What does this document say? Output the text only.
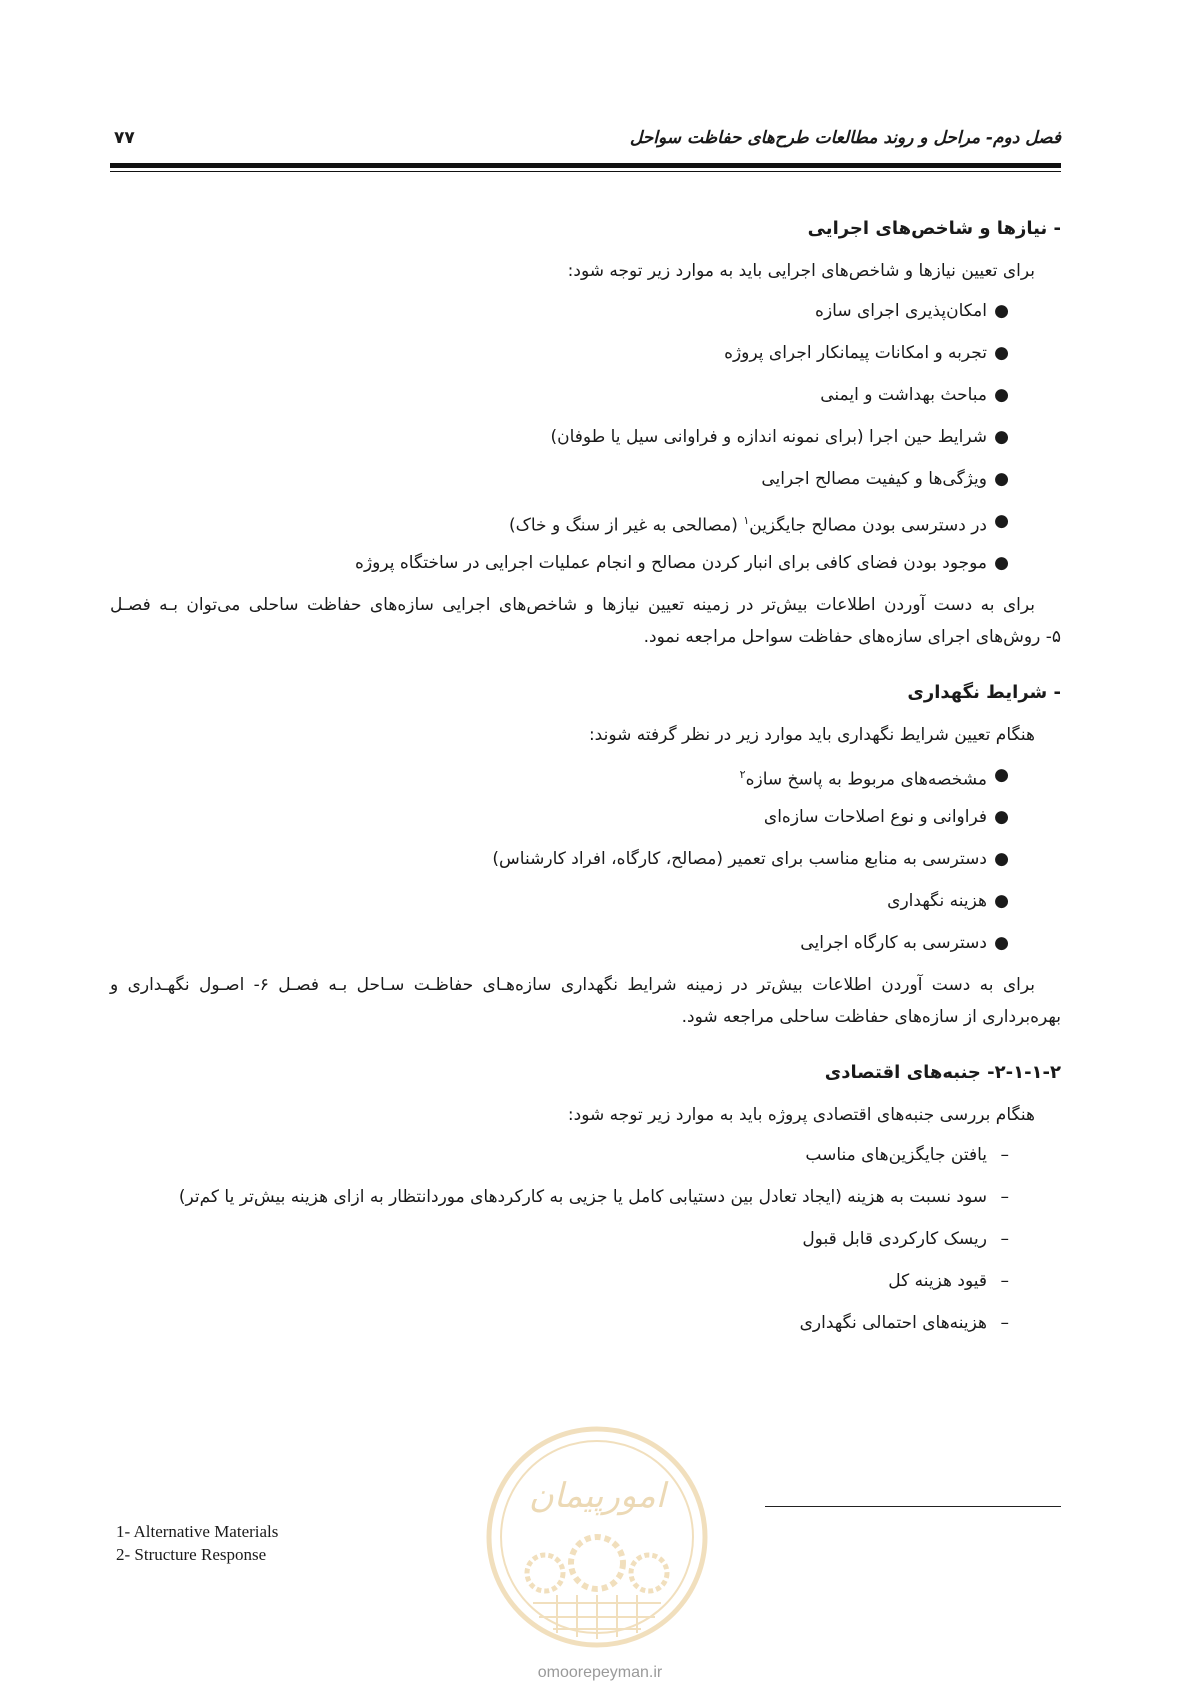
فصل دوم- مراحل و روند مطالعات طرح‌های حفاظت سواحل
۷۷
- نیازها و شاخص‌های اجرایی
برای تعیین نیازها و شاخص‌های اجرایی باید به موارد زیر توجه شود:
●
امکان‌پذیری اجرای سازه
●
تجربه و امکانات پیمانکار اجرای پروژه
●
مباحث بهداشت و ایمنی
●
شرایط حین اجرا (برای نمونه اندازه و فراوانی سیل یا طوفان)
●
ویژگی‌ها و کیفیت مصالح اجرایی
●
در دسترسی بودن مصالح جایگزین$^۱$ (مصالحی به غیر از سنگ و خاک)
●
موجود بودن فضای کافی برای انبار کردن مصالح و انجام عملیات اجرایی در ساختگاه پروژه
برای به دست آوردن اطلاعات بیش‌تر در زمینه تعیین نیازها و شاخص‌های اجرایی سازه‌های حفاظت ساحلی می‌توان بـه فصـل
۵- روش‌های اجرای سازه‌های حفاظت سواحل مراجعه نمود.
- شرایط نگهداری
هنگام تعیین شرایط نگهداری باید موارد زیر در نظر گرفته شوند:
●
مشخصه‌های مربوط به پاسخ سازه$^۲$
●
فراوانی و نوع اصلاحات سازه‌ای
●
دسترسی به منابع مناسب برای تعمیر (مصالح، کارگاه، افراد کارشناس)
●
هزینه نگهداری
●
دسترسی به کارگاه اجرایی
برای به دست آوردن اطلاعات بیش‌تر در زمینه شرایط نگهداری سازه‌هـای حفاظـت سـاحل بـه فصـل ۶- اصـول نگهـداری و
بهره‌برداری از سازه‌های حفاظت ساحلی مراجعه شود.
۲-۱-۱-۲- جنبه‌های اقتصادی
هنگام بررسی جنبه‌های اقتصادی پروژه باید به موارد زیر توجه شود:
–
یافتن جایگزین‌های مناسب
–
سود نسبت به هزینه (ایجاد تعادل بین دستیابی کامل یا جزیی به کارکردهای موردانتظار به ازای هزینه بیش‌تر یا کم‌تر)
–
ریسک کارکردی قابل قبول
–
قیود هزینه کل
–
هزینه‌های احتمالی نگهداری
1- Alternative Materials
2- Structure Response
امورپیمان
omoorepeyman.ir
